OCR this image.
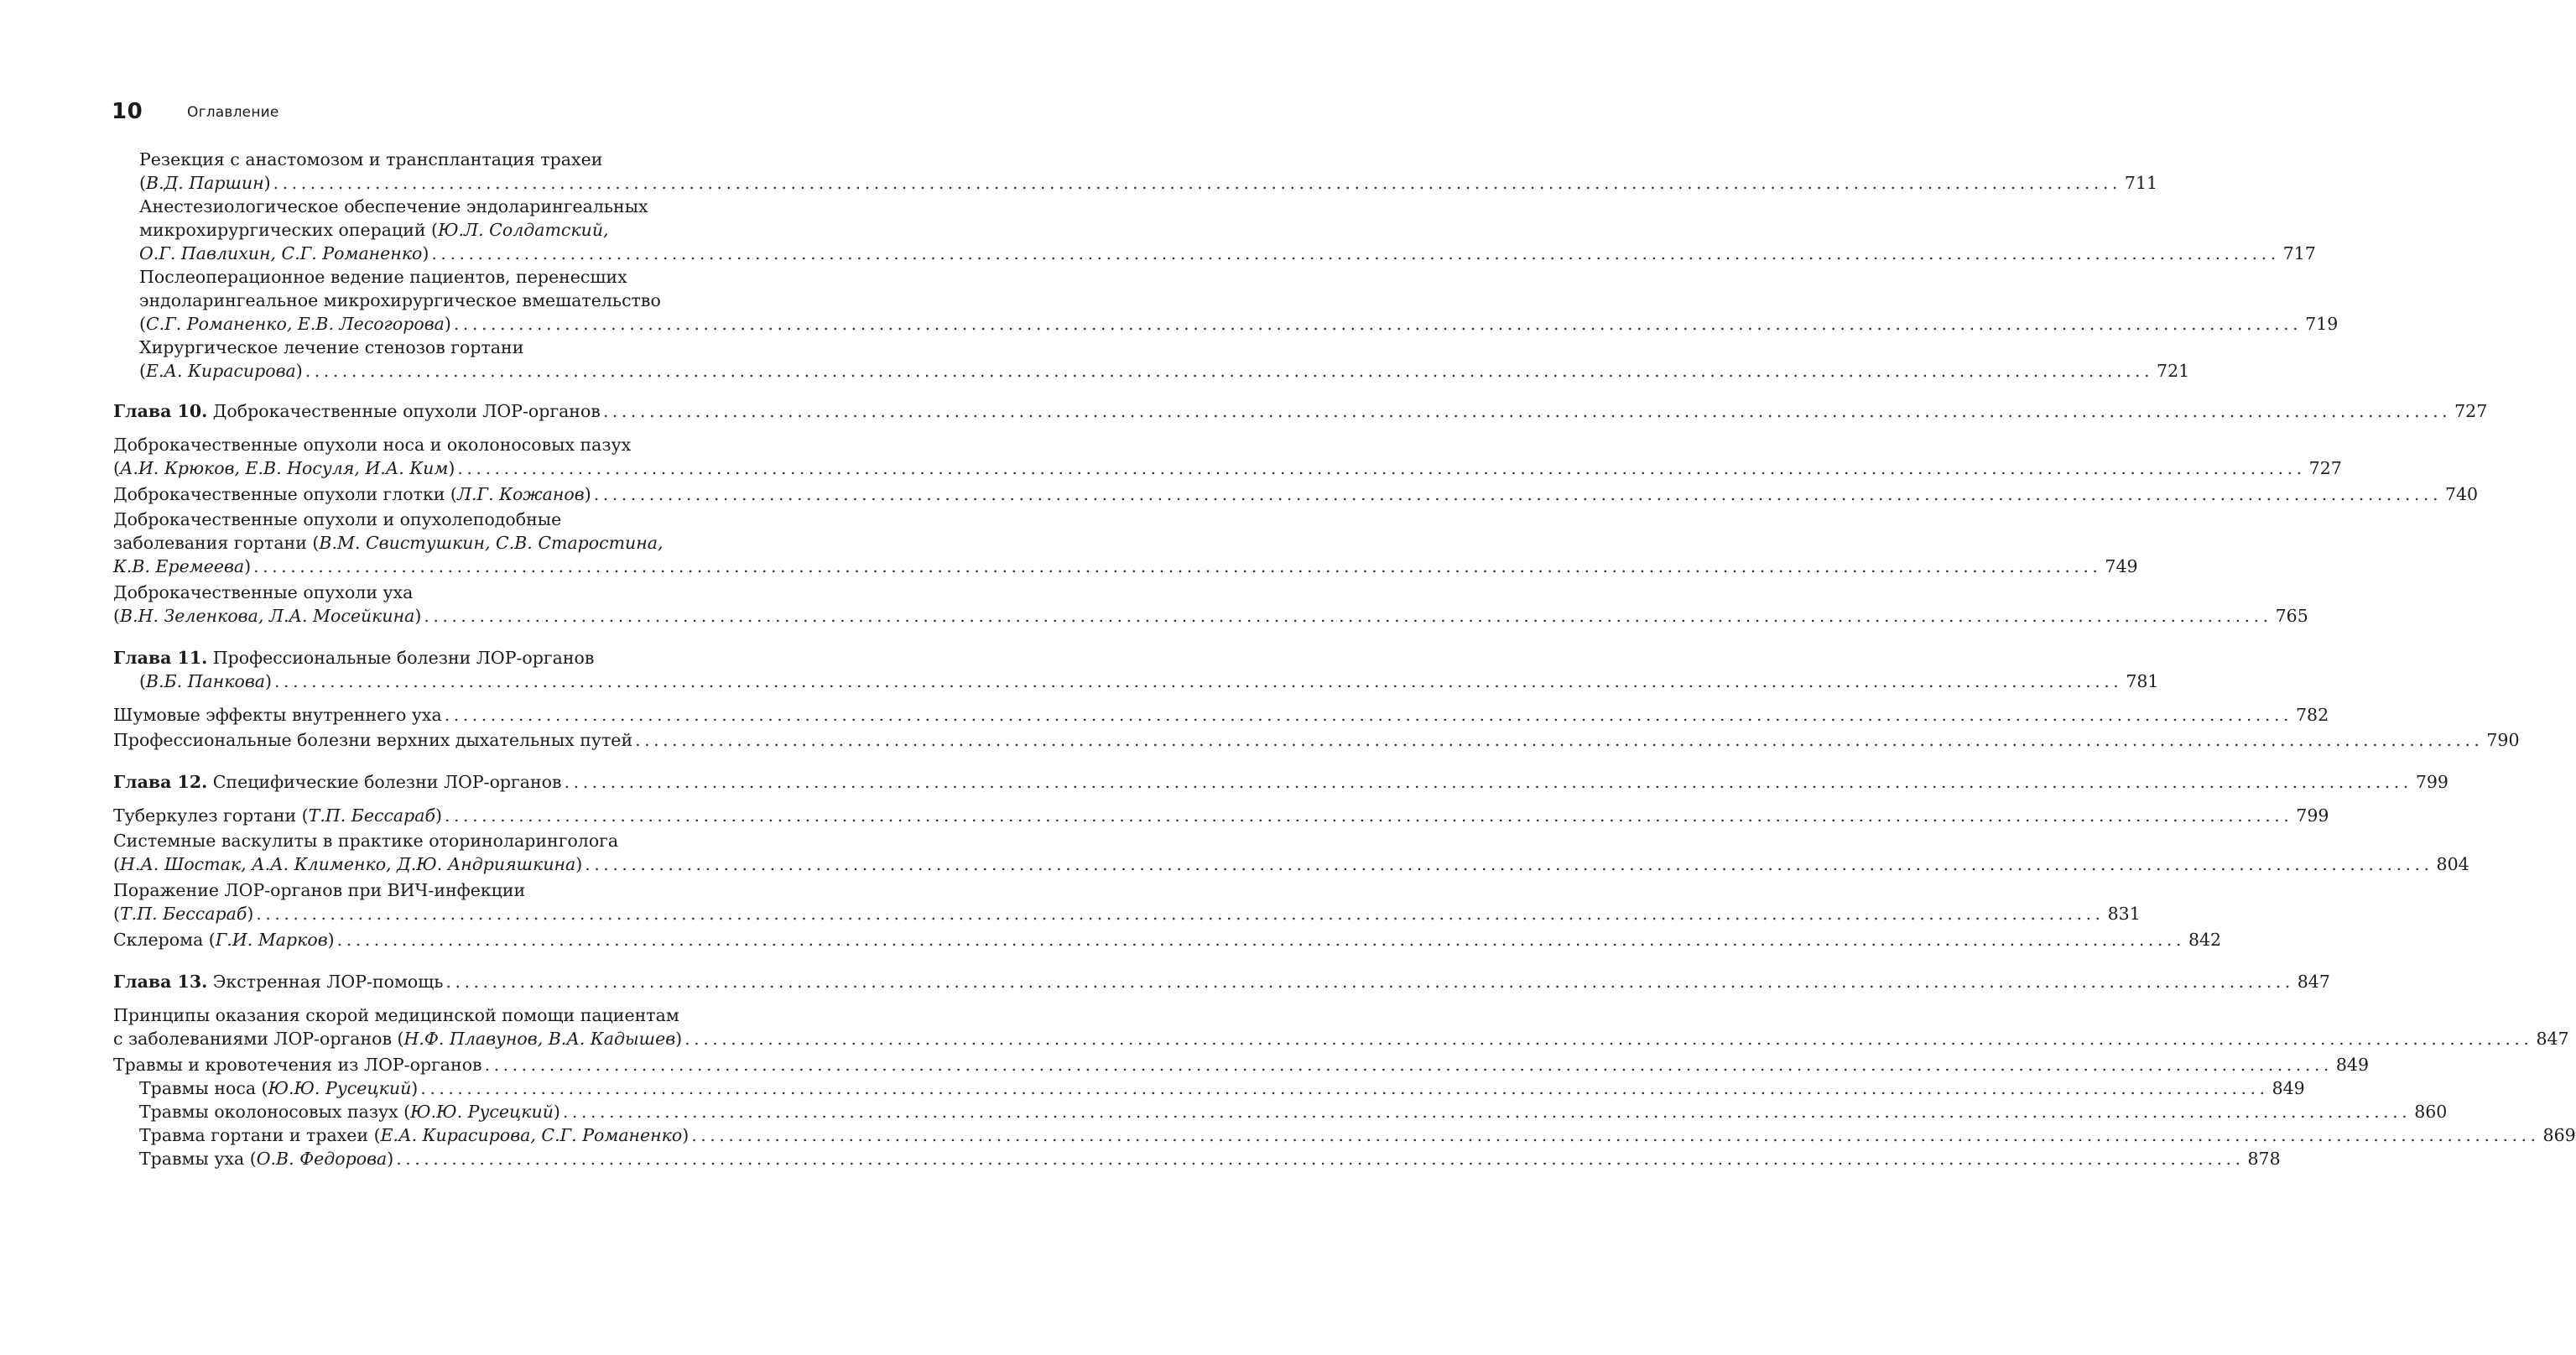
10	Оглавление
Резекция с анастомозом и трансплантация трахеи
(В.Д. Паршин) ........................................................................................................................................................................................................ 711
Анестезиологическое обеспечение эндоларингеальных
микрохирургических операций (Ю.Л. Солдатский,
О.Г. Павлихин, С.Г. Романенко) ........................................................................................................................................................................................................ 717
Послеоперационное ведение пациентов, перенесших
эндоларингеальное микрохирургическое вмешательство
(С.Г. Романенко, Е.В. Лесогорова) ........................................................................................................................................................................................................ 719
Хирургическое лечение стенозов гортани
(Е.А. Кирасирова) ........................................................................................................................................................................................................ 721
Глава 10. Доброкачественные опухоли ЛОР-органов ........................................................................................................................................................................................................ 727
Доброкачественные опухоли носа и околоносовых пазух
(А.И. Крюков, Е.В. Носуля, И.А. Ким) ........................................................................................................................................................................................................ 727
Доброкачественные опухоли глотки (Л.Г. Кожанов) ........................................................................................................................................................................................................ 740
Доброкачественные опухоли и опухолеподобные
заболевания гортани (В.М. Свистушкин, С.В. Старостина,
К.В. Еремеева) ........................................................................................................................................................................................................ 749
Доброкачественные опухоли уха
(В.Н. Зеленкова, Л.А. Мосейкина) ........................................................................................................................................................................................................ 765
Глава 11. Профессиональные болезни ЛОР-органов
(В.Б. Панкова) ........................................................................................................................................................................................................ 781
Шумовые эффекты внутреннего уха ........................................................................................................................................................................................................ 782
Профессиональные болезни верхних дыхательных путей ........................................................................................................................................................................................................ 790
Глава 12. Специфические болезни ЛОР-органов ........................................................................................................................................................................................................ 799
Туберкулез гортани (Т.П. Бессараб) ........................................................................................................................................................................................................ 799
Системные васкулиты в практике оториноларинголога
(Н.А. Шостак, А.А. Клименко, Д.Ю. Андрияшкина) ........................................................................................................................................................................................................ 804
Поражение ЛОР-органов при ВИЧ-инфекции
(Т.П. Бессараб) ........................................................................................................................................................................................................ 831
Склерома (Г.И. Марков) ........................................................................................................................................................................................................ 842
Глава 13. Экстренная ЛОР-помощь ........................................................................................................................................................................................................ 847
Принципы оказания скорой медицинской помощи пациентам
с заболеваниями ЛОР-органов (Н.Ф. Плавунов, В.А. Кадышев) ........................................................................................................................................................................................................ 847
Травмы и кровотечения из ЛОР-органов ........................................................................................................................................................................................................ 849
Травмы носа (Ю.Ю. Русецкий) ........................................................................................................................................................................................................ 849
Травмы околоносовых пазух (Ю.Ю. Русецкий) ........................................................................................................................................................................................................ 860
Травма гортани и трахеи (Е.А. Кирасирова, С.Г. Романенко) ........................................................................................................................................................................................................ 869
Травмы уха (О.В. Федорова) ........................................................................................................................................................................................................ 878
